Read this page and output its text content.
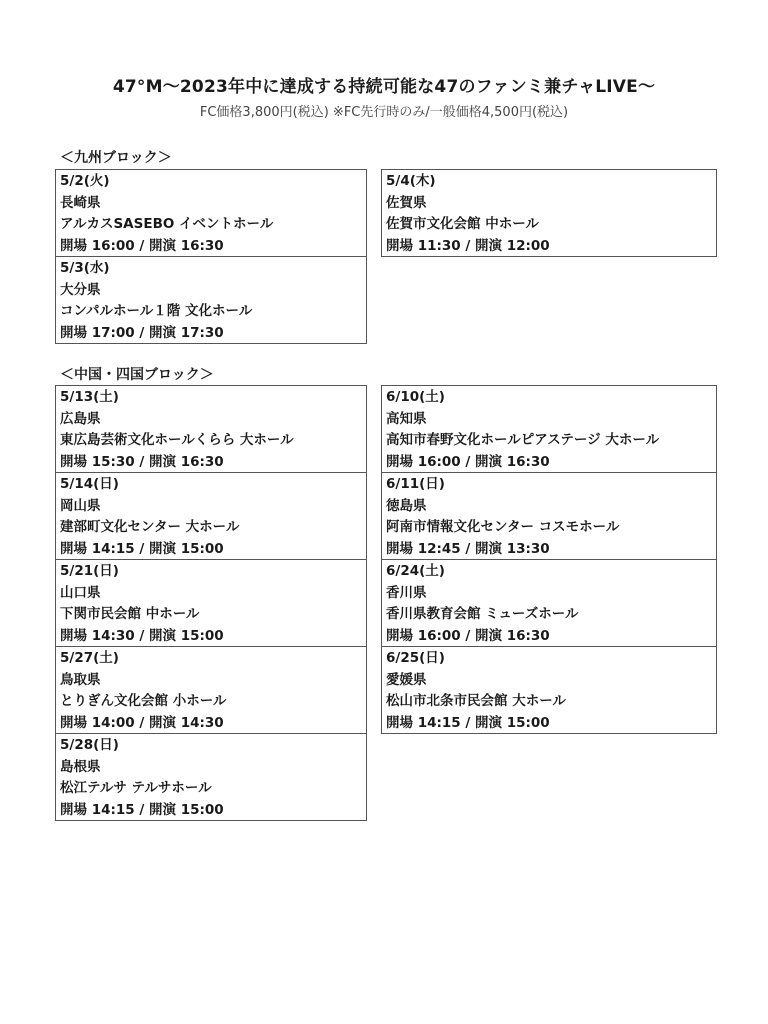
47°M～2023年中に達成する持続可能な47のファンミ兼チャLIVE～
FC価格3,800円(税込) ※FC先行時のみ/一般価格4,500円(税込)
＜九州ブロック＞
5/2(火)
長崎県
アルカスSASEBO イベントホール
開場 16:00 / 開演 16:30
5/3(水)
大分県
コンパルホール１階 文化ホール
開場 17:00 / 開演 17:30
5/4(木)
佐賀県
佐賀市文化会館 中ホール
開場 11:30 / 開演 12:00
＜中国・四国ブロック＞
5/13(土)
広島県
東広島芸術文化ホールくらら 大ホール
開場 15:30 / 開演 16:30
5/14(日)
岡山県
建部町文化センター 大ホール
開場 14:15 / 開演 15:00
5/21(日)
山口県
下関市民会館 中ホール
開場 14:30 / 開演 15:00
5/27(土)
鳥取県
とりぎん文化会館 小ホール
開場 14:00 / 開演 14:30
5/28(日)
島根県
松江テルサ テルサホール
開場 14:15 / 開演 15:00
6/10(土)
高知県
高知市春野文化ホールピアステージ 大ホール
開場 16:00 / 開演 16:30
6/11(日)
徳島県
阿南市情報文化センター コスモホール
開場 12:45 / 開演 13:30
6/24(土)
香川県
香川県教育会館 ミューズホール
開場 16:00 / 開演 16:30
6/25(日)
愛媛県
松山市北条市民会館 大ホール
開場 14:15 / 開演 15:00
